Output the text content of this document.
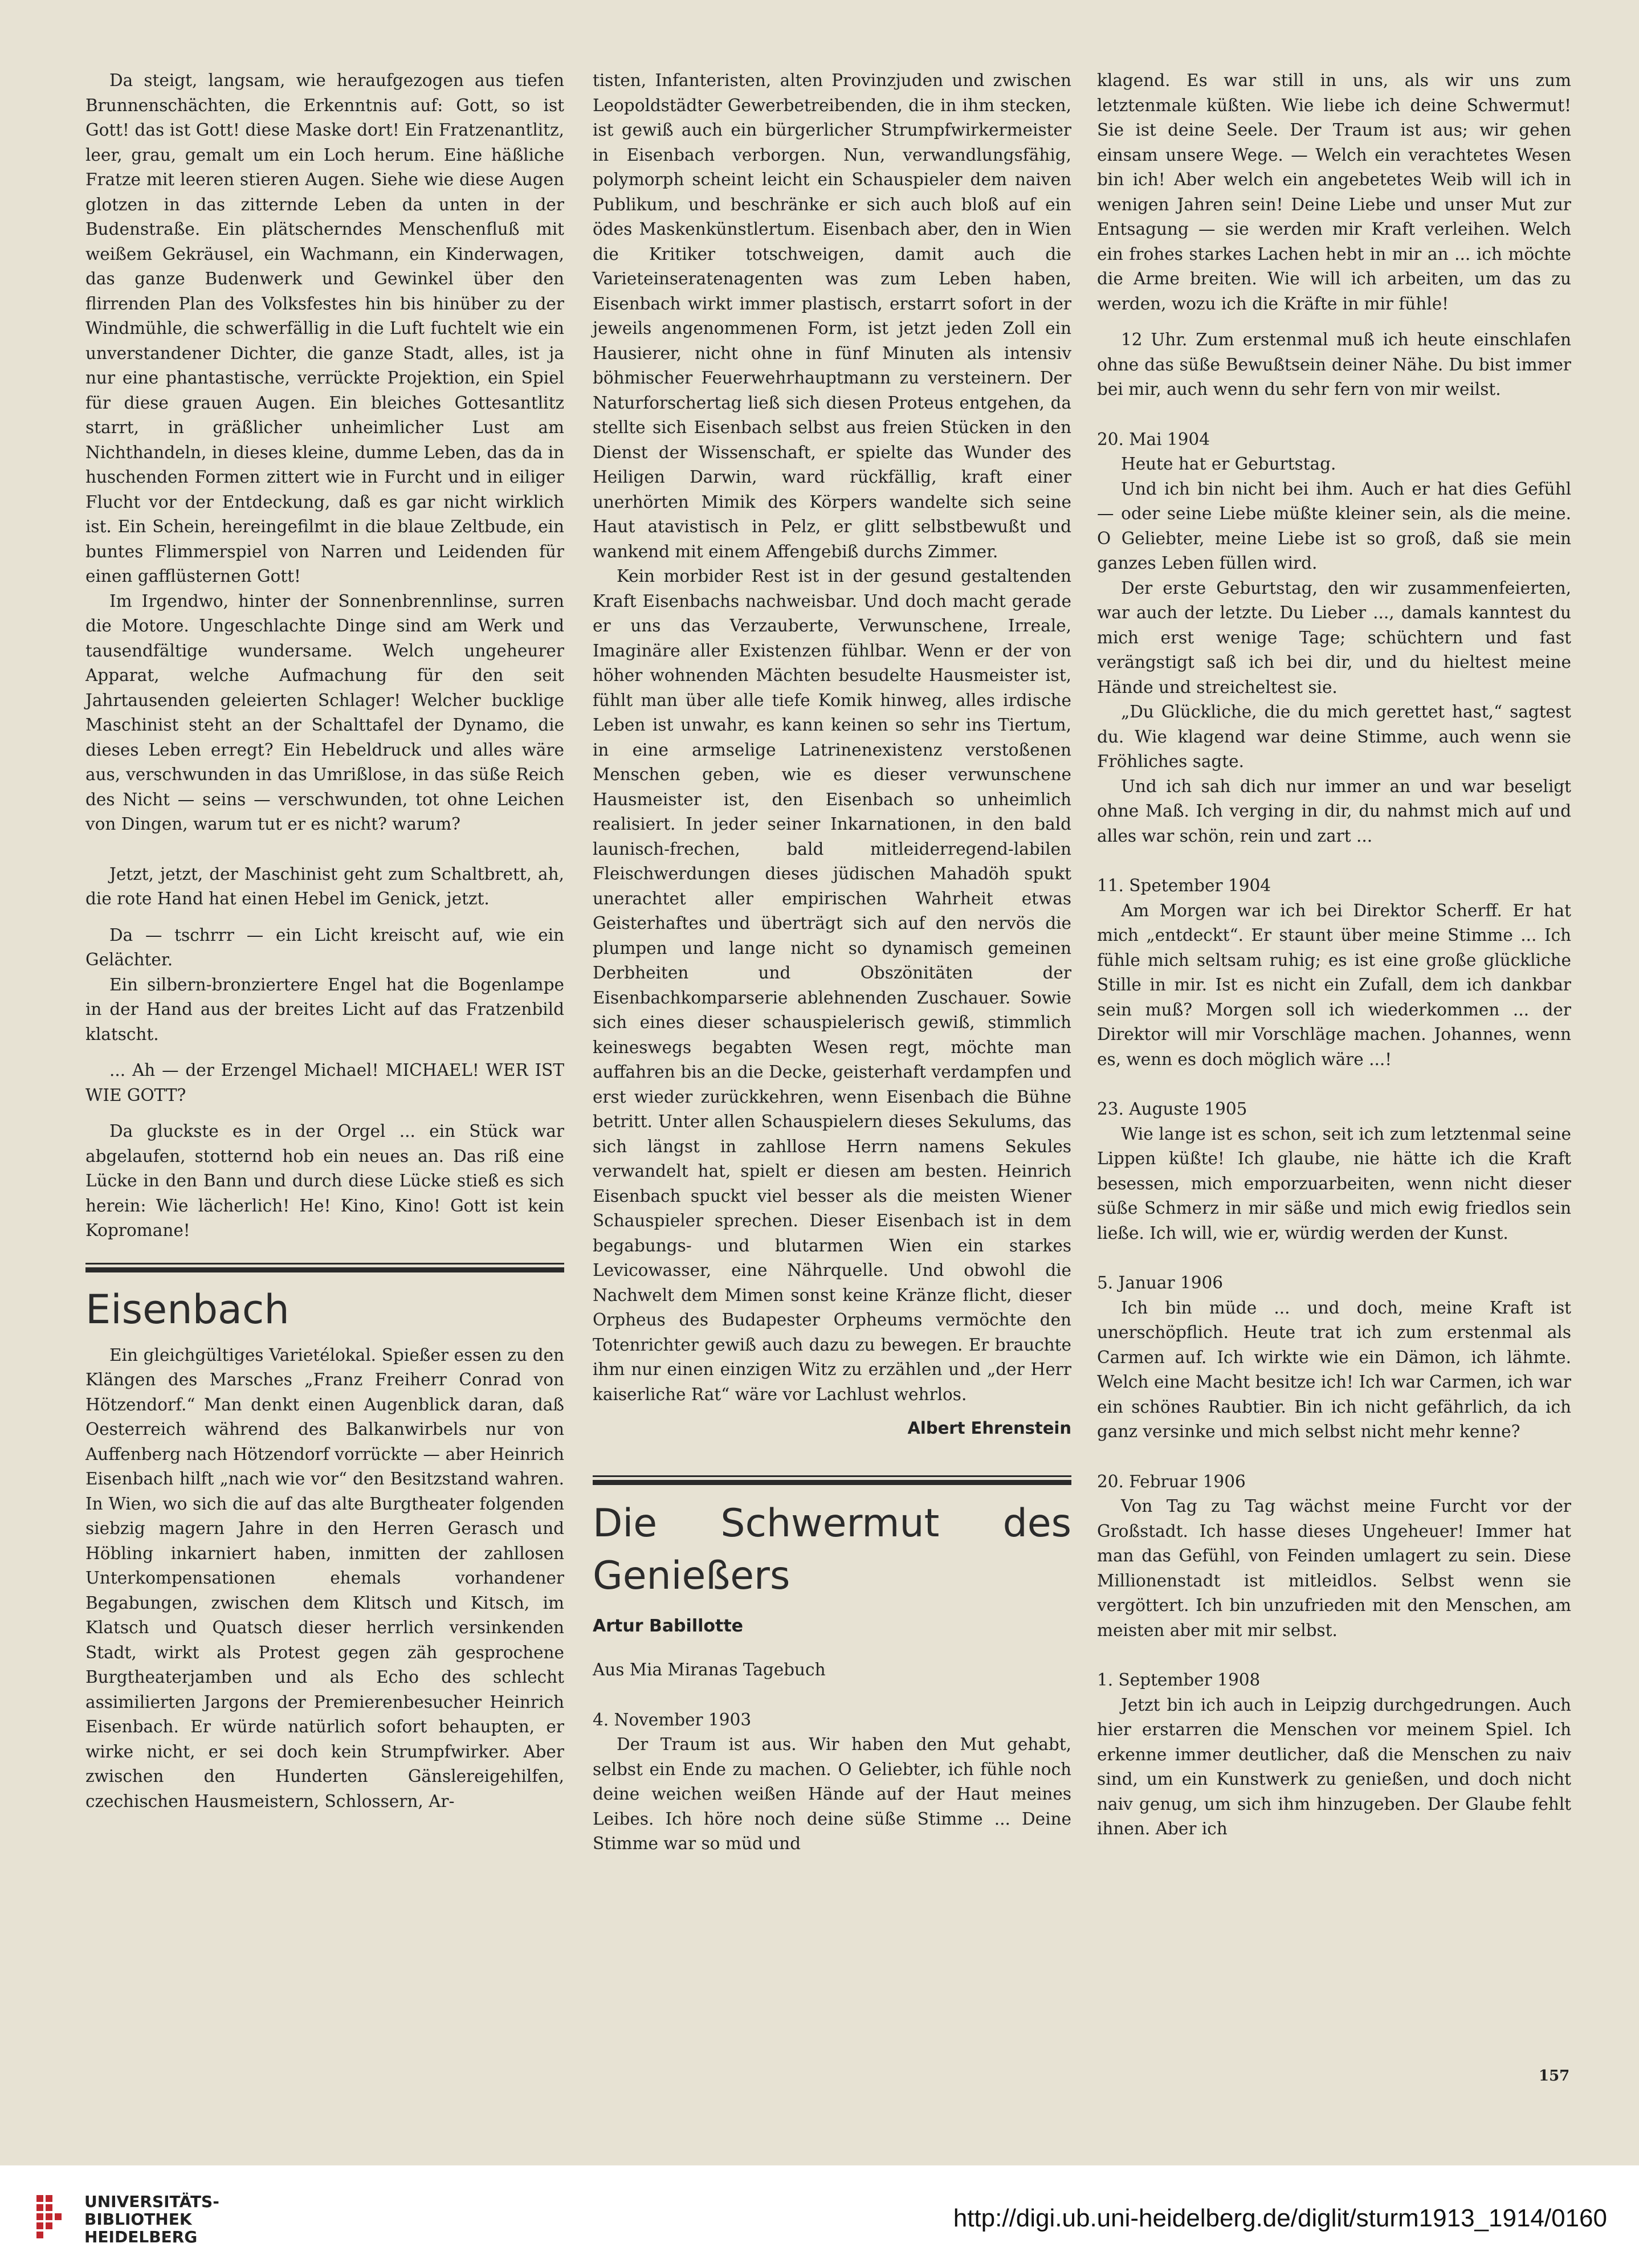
Da steigt, langsam, wie heraufgezogen aus tiefen Brunnenschächten, die Erkenntnis auf: Gott, so ist Gott! das ist Gott! diese Maske dort! Ein Fratzenantlitz, leer, grau, gemalt um ein Loch herum. Eine häßliche Fratze mit leeren stieren Augen. Siehe wie diese Augen glotzen in das zitternde Leben da unten in der Budenstraße. Ein plätscherndes Menschenfluß mit weißem Gekräusel, ein Wachmann, ein Kinderwagen, das ganze Budenwerk und Gewinkel über den flirrenden Plan des Volksfestes hin bis hinüber zu der Windmühle, die schwerfällig in die Luft fuchtelt wie ein unverstandener Dichter, die ganze Stadt, alles, ist ja nur eine phantastische, verrückte Projektion, ein Spiel für diese grauen Augen. Ein bleiches Gottesantlitz starrt, in gräßlicher unheimlicher Lust am Nichthandeln, in dieses kleine, dumme Leben, das da in huschenden Formen zittert wie in Furcht und in eiliger Flucht vor der Entdeckung, daß es gar nicht wirklich ist. Ein Schein, hereingefilmt in die blaue Zeltbude, ein buntes Flimmerspiel von Narren und Leidenden für einen gafflüsternen Gott!

Im Irgendwo, hinter der Sonnenbrennlinse, surren die Motore. Ungeschlachte Dinge sind am Werk und tausendfältige wundersame. Welch ungeheurer Apparat, welche Aufmachung für den seit Jahrtausenden geleierten Schlager! Welcher bucklige Maschinist steht an der Schalttafel der Dynamo, die dieses Leben erregt? Ein Hebeldruck und alles wäre aus, verschwunden in das Umrißlose, in das süße Reich des Nicht — seins — verschwunden, tot ohne Leichen von Dingen, warum tut er es nicht? warum?

Jetzt, jetzt, der Maschinist geht zum Schaltbrett, ah, die rote Hand hat einen Hebel im Genick, jetzt.

Da — tschrrr — ein Licht kreischt auf, wie ein Gelächter.

Ein silbern-bronziertere Engel hat die Bogenlampe in der Hand aus der breites Licht auf das Fratzenbild klatscht.

... Ah — der Erzengel Michael! MICHAEL! WER IST WIE GOTT?

Da gluckste es in der Orgel ... ein Stück war abgelaufen, stotternd hob ein neues an. Das riß eine Lücke in den Bann und durch diese Lücke stieß es sich herein: Wie lächerlich! He! Kino, Kino! Gott ist kein Kopromane!

Eisenbach

Ein gleichgültiges Varietélokal. Spießer essen zu den Klängen des Marsches „Franz Freiherr Conrad von Hötzendorf.“ Man denkt einen Augenblick daran, daß Oesterreich während des Balkanwirbels nur von Auffenberg nach Hötzendorf vorrückte — aber Heinrich Eisenbach hilft „nach wie vor“ den Besitzstand wahren. In Wien, wo sich die auf das alte Burgtheater folgenden siebzig magern Jahre in den Herren Gerasch und Höbling inkarniert haben, inmitten der zahllosen Unterkompensationen ehemals vorhandener Begabungen, zwischen dem Klitsch und Kitsch, im Klatsch und Quatsch dieser herrlich versinkenden Stadt, wirkt als Protest gegen zäh gesprochene Burgtheaterjamben und als Echo des schlecht assimilierten Jargons der Premierenbesucher Heinrich Eisenbach. Er würde natürlich sofort behaupten, er wirke nicht, er sei doch kein Strumpfwirker. Aber zwischen den Hunderten Gänslereigehilfen, czechischen Hausmeistern, Schlossern, Ar-

tisten, Infanteristen, alten Provinzjuden und zwischen Leopoldstädter Gewerbetreibenden, die in ihm stecken, ist gewiß auch ein bürgerlicher Strumpfwirkermeister in Eisenbach verborgen. Nun, verwandlungsfähig, polymorph scheint leicht ein Schauspieler dem naiven Publikum, und beschränke er sich auch bloß auf ein ödes Maskenkünstlertum. Eisenbach aber, den in Wien die Kritiker totschweigen, damit auch die Varieteinseratenagenten was zum Leben haben, Eisenbach wirkt immer plastisch, erstarrt sofort in der jeweils angenommenen Form, ist jetzt jeden Zoll ein Hausierer, nicht ohne in fünf Minuten als intensiv böhmischer Feuerwehrhauptmann zu versteinern. Der Naturforschertag ließ sich diesen Proteus entgehen, da stellte sich Eisenbach selbst aus freien Stücken in den Dienst der Wissenschaft, er spielte das Wunder des Heiligen Darwin, ward rückfällig, kraft einer unerhörten Mimik des Körpers wandelte sich seine Haut atavistisch in Pelz, er glitt selbstbewußt und wankend mit einem Affengebiß durchs Zimmer.

Kein morbider Rest ist in der gesund gestaltenden Kraft Eisenbachs nachweisbar. Und doch macht gerade er uns das Verzauberte, Verwunschene, Irreale, Imaginäre aller Existenzen fühlbar. Wenn er der von höher wohnenden Mächten besudelte Hausmeister ist, fühlt man über alle tiefe Komik hinweg, alles irdische Leben ist unwahr, es kann keinen so sehr ins Tiertum, in eine armselige Latrinenexistenz verstoßenen Menschen geben, wie es dieser verwunschene Hausmeister ist, den Eisenbach so unheimlich realisiert. In jeder seiner Inkarnationen, in den bald launisch-frechen, bald mitleiderregend-labilen Fleischwerdungen dieses jüdischen Mahadöh spukt unerachtet aller empirischen Wahrheit etwas Geisterhaftes und überträgt sich auf den nervös die plumpen und lange nicht so dynamisch gemeinen Derbheiten und Obszönitäten der Eisenbachkomparserie ablehnenden Zuschauer. Sowie sich eines dieser schauspielerisch gewiß, stimmlich keineswegs begabten Wesen regt, möchte man auffahren bis an die Decke, geisterhaft verdampfen und erst wieder zurückkehren, wenn Eisenbach die Bühne betritt. Unter allen Schauspielern dieses Sekulums, das sich längst in zahllose Herrn namens Sekules verwandelt hat, spielt er diesen am besten. Heinrich Eisenbach spuckt viel besser als die meisten Wiener Schauspieler sprechen. Dieser Eisenbach ist in dem begabungs- und blutarmen Wien ein starkes Levicowasser, eine Nährquelle. Und obwohl die Nachwelt dem Mimen sonst keine Kränze flicht, dieser Orpheus des Budapester Orpheums vermöchte den Totenrichter gewiß auch dazu zu bewegen. Er brauchte ihm nur einen einzigen Witz zu erzählen und „der Herr kaiserliche Rat“ wäre vor Lachlust wehrlos.

Albert Ehrenstein
Die Schwermut des Genießers
Artur Babillotte

Aus Mia Miranas Tagebuch

4. November 1903

Der Traum ist aus. Wir haben den Mut gehabt, selbst ein Ende zu machen. O Geliebter, ich fühle noch deine weichen weißen Hände auf der Haut meines Leibes. Ich höre noch deine süße Stimme ... Deine Stimme war so müd und

klagend. Es war still in uns, als wir uns zum letztenmale küßten. Wie liebe ich deine Schwermut! Sie ist deine Seele. Der Traum ist aus; wir gehen einsam unsere Wege. — Welch ein verachtetes Wesen bin ich! Aber welch ein angebetetes Weib will ich in wenigen Jahren sein! Deine Liebe und unser Mut zur Entsagung — sie werden mir Kraft verleihen. Welch ein frohes starkes Lachen hebt in mir an ... ich möchte die Arme breiten. Wie will ich arbeiten, um das zu werden, wozu ich die Kräfte in mir fühle!

12 Uhr. Zum erstenmal muß ich heute einschlafen ohne das süße Bewußtsein deiner Nähe. Du bist immer bei mir, auch wenn du sehr fern von mir weilst.

20. Mai 1904

Heute hat er Geburtstag.

Und ich bin nicht bei ihm. Auch er hat dies Gefühl — oder seine Liebe müßte kleiner sein, als die meine. O Geliebter, meine Liebe ist so groß, daß sie mein ganzes Leben füllen wird.

Der erste Geburtstag, den wir zusammenfeierten, war auch der letzte. Du Lieber ..., damals kanntest du mich erst wenige Tage; schüchtern und fast verängstigt saß ich bei dir, und du hieltest meine Hände und streicheltest sie.

„Du Glückliche, die du mich gerettet hast,“ sagtest du. Wie klagend war deine Stimme, auch wenn sie Fröhliches sagte.

Und ich sah dich nur immer an und war beseligt ohne Maß. Ich verging in dir, du nahmst mich auf und alles war schön, rein und zart ...

11. Spetember 1904

Am Morgen war ich bei Direktor Scherff. Er hat mich „entdeckt“. Er staunt über meine Stimme ... Ich fühle mich seltsam ruhig; es ist eine große glückliche Stille in mir. Ist es nicht ein Zufall, dem ich dankbar sein muß? Morgen soll ich wiederkommen ... der Direktor will mir Vorschläge machen. Johannes, wenn es, wenn es doch möglich wäre ...!

23. Auguste 1905

Wie lange ist es schon, seit ich zum letztenmal seine Lippen küßte! Ich glaube, nie hätte ich die Kraft besessen, mich emporzuarbeiten, wenn nicht dieser süße Schmerz in mir säße und mich ewig friedlos sein ließe. Ich will, wie er, würdig werden der Kunst.

5. Januar 1906

Ich bin müde ... und doch, meine Kraft ist unerschöpflich. Heute trat ich zum erstenmal als Carmen auf. Ich wirkte wie ein Dämon, ich lähmte. Welch eine Macht besitze ich! Ich war Carmen, ich war ein schönes Raubtier. Bin ich nicht gefährlich, da ich ganz versinke und mich selbst nicht mehr kenne?

20. Februar 1906

Von Tag zu Tag wächst meine Furcht vor der Großstadt. Ich hasse dieses Ungeheuer! Immer hat man das Gefühl, von Feinden umlagert zu sein. Diese Millionenstadt ist mitleidlos. Selbst wenn sie vergöttert. Ich bin unzufrieden mit den Menschen, am meisten aber mit mir selbst.

1. September 1908

Jetzt bin ich auch in Leipzig durchgedrungen. Auch hier erstarren die Menschen vor meinem Spiel. Ich erkenne immer deutlicher, daß die Menschen zu naiv sind, um ein Kunstwerk zu genießen, und doch nicht naiv genug, um sich ihm hinzugeben. Der Glaube fehlt ihnen. Aber ich

157
UNIVERSITÄTS-
BIBLIOTHEK
HEIDELBERG
http://digi.ub.uni-heidelberg.de/diglit/sturm1913_1914/0160
